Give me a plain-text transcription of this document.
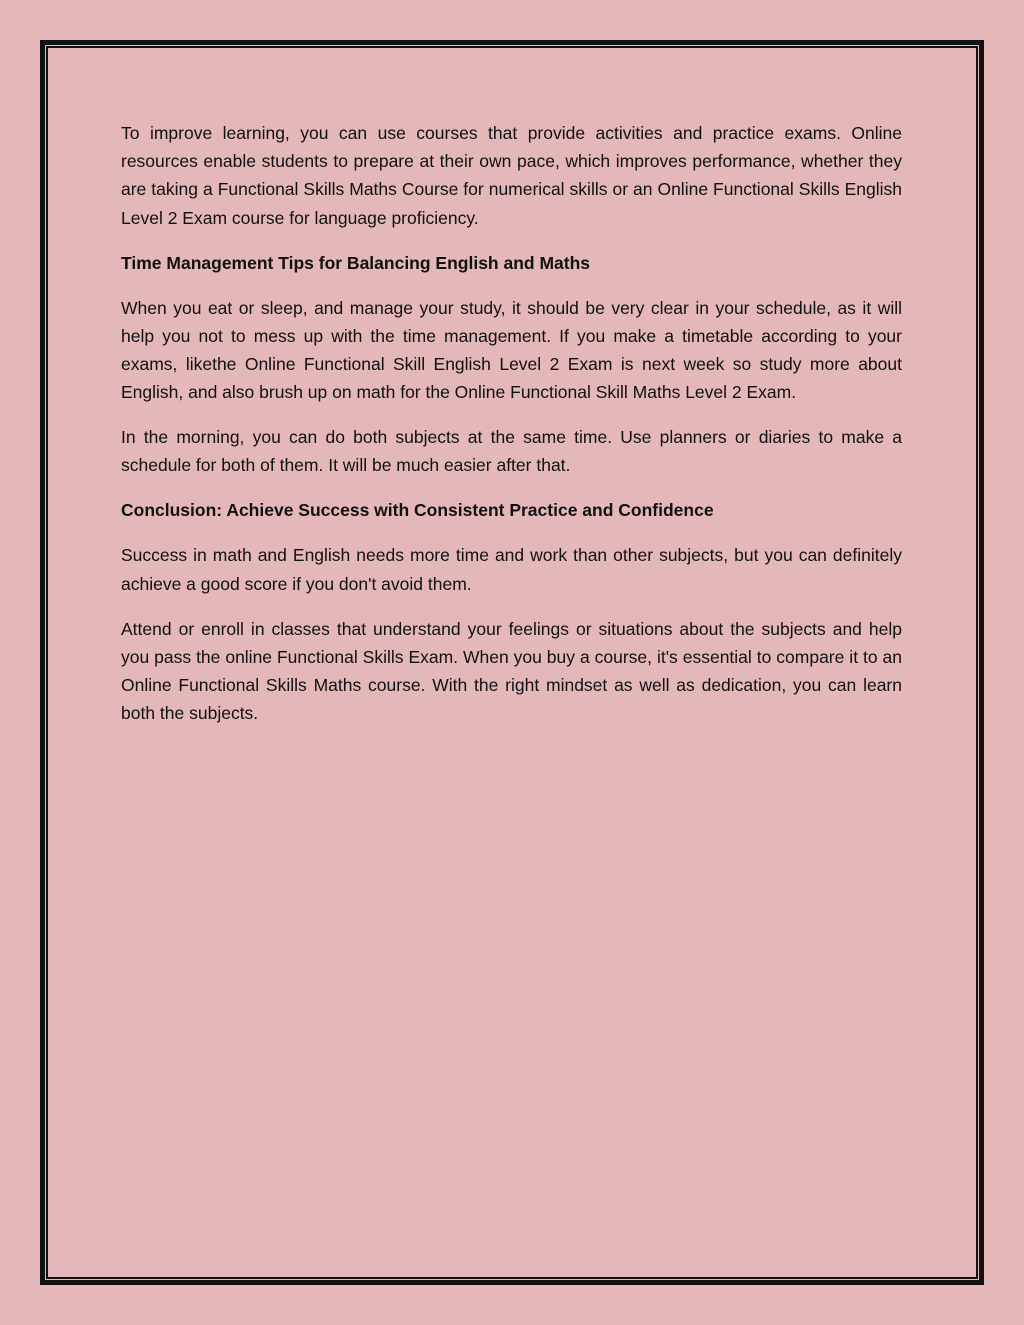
To improve learning, you can use courses that provide activities and practice exams. Online resources enable students to prepare at their own pace, which improves performance, whether they are taking a Functional Skills Maths Course for numerical skills or an Online Functional Skills English Level 2 Exam course for language proficiency.

Time Management Tips for Balancing English and Maths

When you eat or sleep, and manage your study, it should be very clear in your schedule, as it will help you not to mess up with the time management. If you make a timetable according to your exams, likethe Online Functional Skill English Level 2 Exam is next week so study more about English, and also brush up on math for the Online Functional Skill Maths Level 2 Exam.

In the morning, you can do both subjects at the same time. Use planners or diaries to make a schedule for both of them. It will be much easier after that.

Conclusion: Achieve Success with Consistent Practice and Confidence

Success in math and English needs more time and work than other subjects, but you can definitely achieve a good score if you don't avoid them.

Attend or enroll in classes that understand your feelings or situations about the subjects and help you pass the online Functional Skills Exam. When you buy a course, it's essential to compare it to an Online Functional Skills Maths course. With the right mindset as well as dedication, you can learn both the subjects.
